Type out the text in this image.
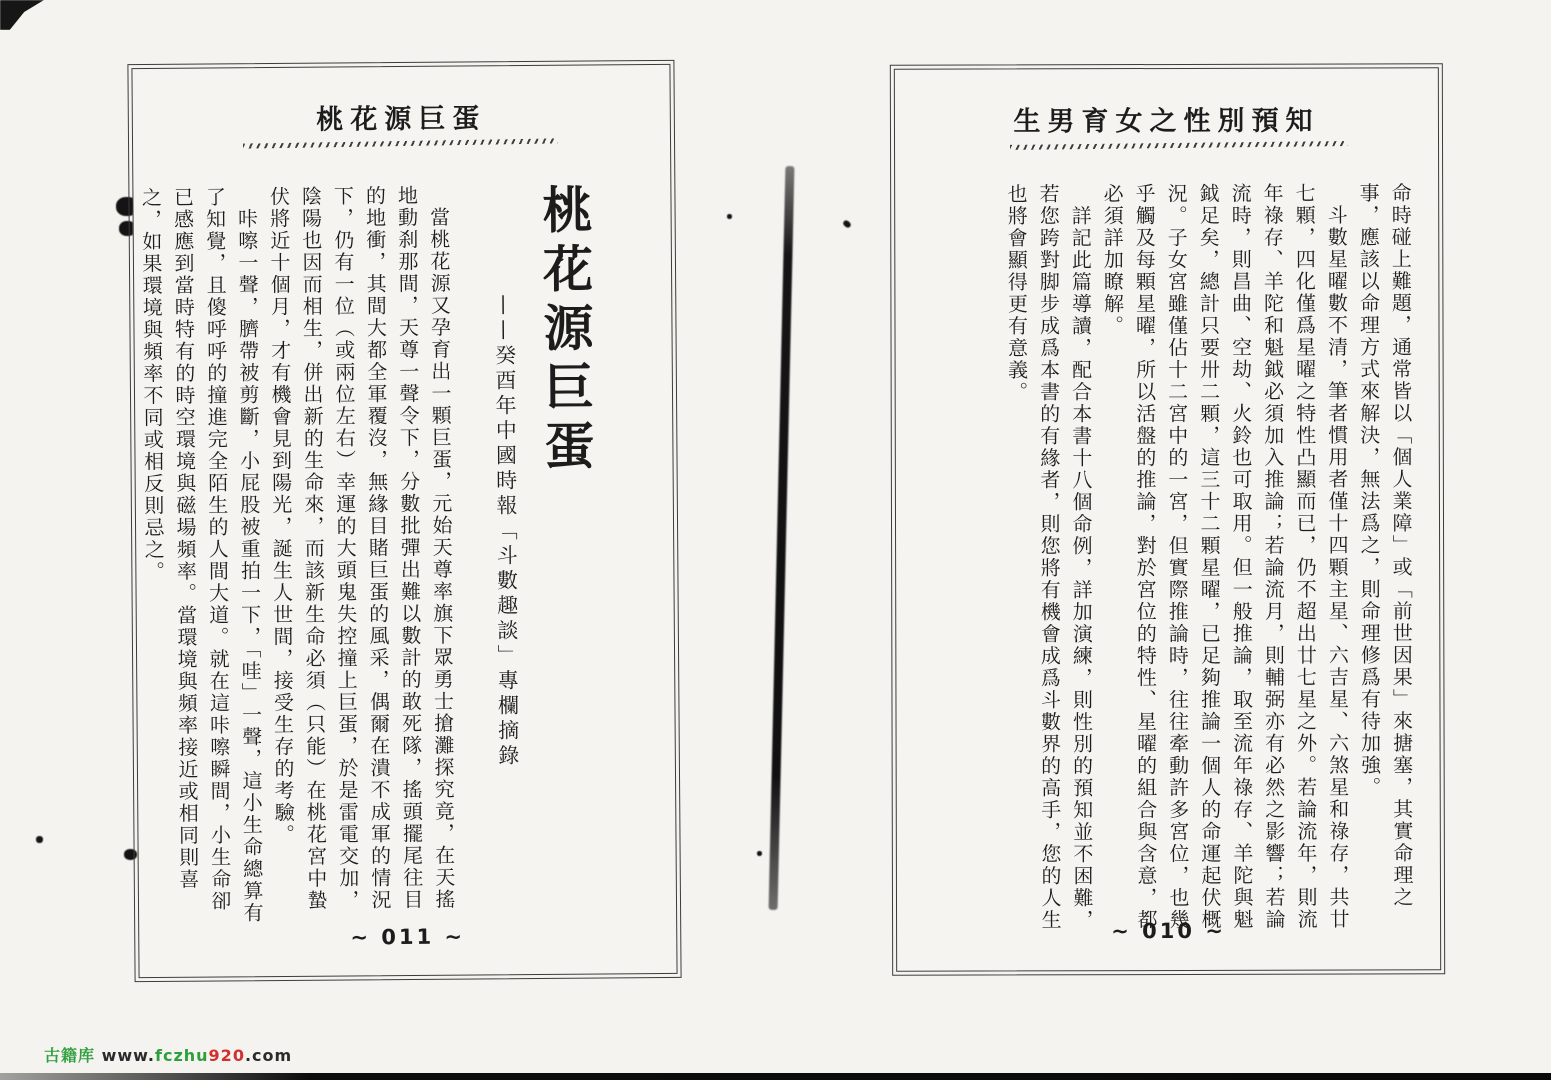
桃花源巨蛋
桃花源巨蛋
——癸酉年中國時報「斗數趣談」專欄摘錄

當桃花源又孕育出一顆巨蛋，元始天尊率旗下眾勇士搶灘探究竟，在天搖地動刹那間，天尊一聲令下，分數批彈出難以數計的敢死隊，搖頭擺尾往目的地衝，其間大都全軍覆沒，無緣目賭巨蛋的風采，偶爾在潰不成軍的情況下，仍有一位（或兩位左右）幸運的大頭鬼失控撞上巨蛋，於是雷電交加，陰陽也因而相生，併出新的生命來，而該新生命必須（只能）在桃花宮中蟄伏將近十個月，才有機會見到陽光，誕生人世間，接受生存的考驗。

咔嚓一聲，臍帶被剪斷，小屁股被重拍一下，「哇」一聲，這小生命總算有了知覺，且傻呼呼的撞進完全陌生的人間大道。就在這咔嚓瞬間，小生命卻已感應到當時特有的時空環境與磁場頻率。當環境與頻率接近或相同則喜之，如果環境與頻率不同或相反則忌之。

~ 011 ~
生男育女之性別預知

命時碰上難題，通常皆以「個人業障」或「前世因果」來搪塞，其實命理之事，應該以命理方式來解決，無法爲之，則命理修爲有待加強。

斗數星曜數不清，筆者慣用者僅十四顆主星、六吉星、六煞星和祿存，共廿七顆，四化僅爲星曜之特性凸顯而已，仍不超出廿七星之外。若論流年，則流年祿存、羊陀和魁鉞必須加入推論；若論流月，則輔弼亦有必然之影響；若論流時，則昌曲、空劫、火鈴也可取用。但一般推論，取至流年祿存、羊陀與魁鉞足矣，總計只要卅二顆，這三十二顆星曜，已足夠推論一個人的命運起伏概況。子女宮雖僅佔十二宮中的一宮，但實際推論時，往往牽動許多宮位，也幾乎觸及每顆星曜，所以活盤的推論，對於宮位的特性、星曜的組合與含意，都必須詳加瞭解。

詳記此篇導讀，配合本書十八個命例，詳加演練，則性別的預知並不困難，若您跨對脚步成爲本書的有緣者，則您將有機會成爲斗數界的高手，您的人生也將會顯得更有意義。

~ 010 ~
古籍库 www.fczhu920.com
